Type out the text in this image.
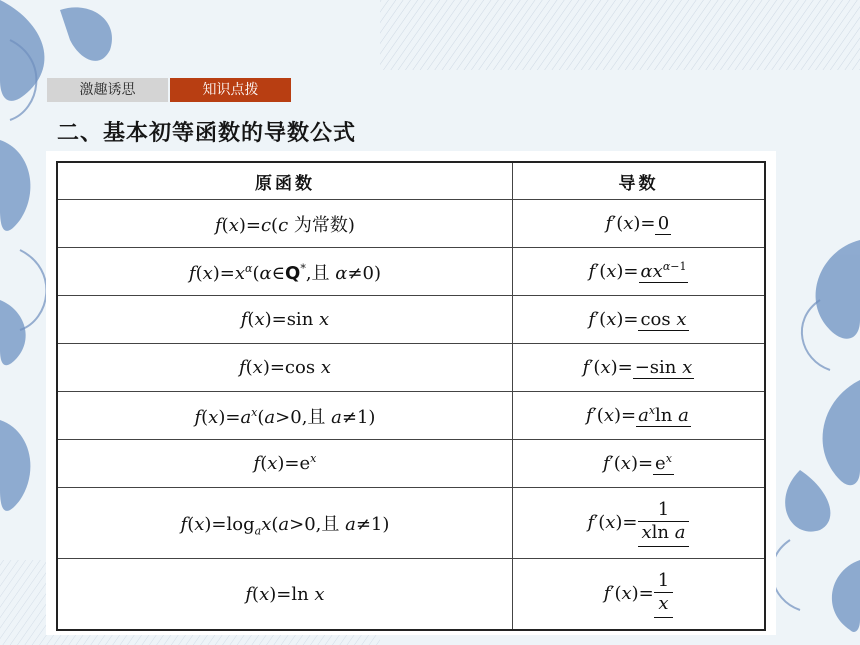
激趣诱思	知识点拨
二、基本初等函数的导数公式
原函数	导数
f(x)=c(c 为常数)	f′(x)= 0
$f(x)=x^\alpha(\alpha\in Q^*$,且 α≠0)	$f'(x)= \alpha x^{\alpha-1}$
f(x)=sin x	f′(x)= cos x
f(x)=cos x	f′(x)= −sin x
$f(x)=a^x(a>0$,且 a≠1)	$f'(x)= a^x\ln$ a
$f(x)=e^x$	$f'(x)= e^x$
$f(x)=\log_ax(a>0$,且 a≠1)	$f'(x)= \frac{1}{\text{xln a}}$

f(x)=ln x	$f'(x)= \frac{1}{x}$
